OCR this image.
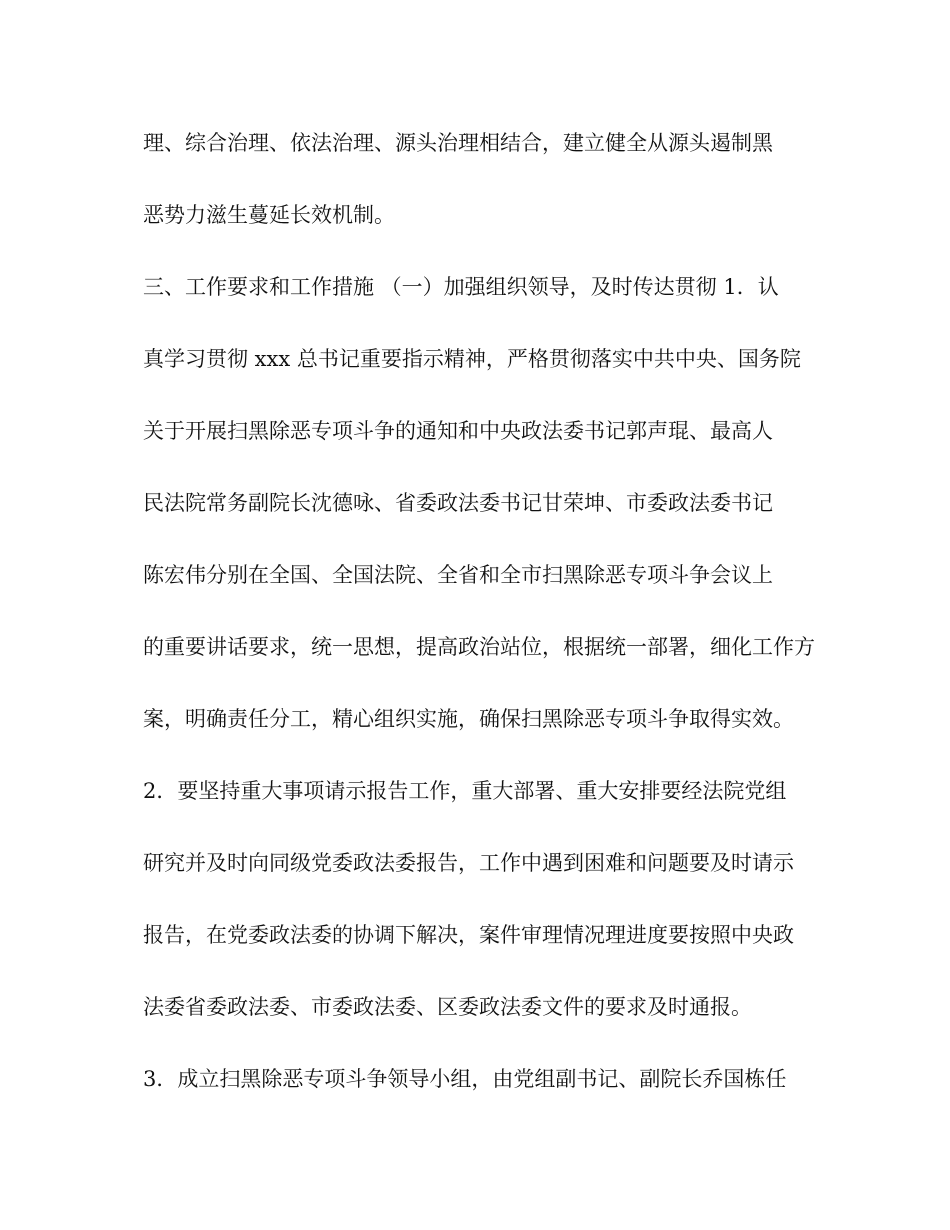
理、综合治理、依法治理、源头治理相结合，建立健全从源头遏制黑

恶势力滋生蔓延长效机制。

三、工作要求和工作措施 （一）加强组织领导，及时传达贯彻 1．认

真学习贯彻 xxx 总书记重要指示精神，严格贯彻落实中共中央、国务院

关于开展扫黑除恶专项斗争的通知和中央政法委书记郭声琨、最高人

民法院常务副院长沈德咏、省委政法委书记甘荣坤、市委政法委书记

陈宏伟分别在全国、全国法院、全省和全市扫黑除恶专项斗争会议上

的重要讲话要求，统一思想，提高政治站位，根据统一部署，细化工作方

案，明确责任分工，精心组织实施，确保扫黑除恶专项斗争取得实效。

2．要坚持重大事项请示报告工作，重大部署、重大安排要经法院党组

研究并及时向同级党委政法委报告，工作中遇到困难和问题要及时请示

报告，在党委政法委的协调下解决，案件审理情况理进度要按照中央政

法委省委政法委、市委政法委、区委政法委文件的要求及时通报。

3．成立扫黑除恶专项斗争领导小组，由党组副书记、副院长乔国栋任
